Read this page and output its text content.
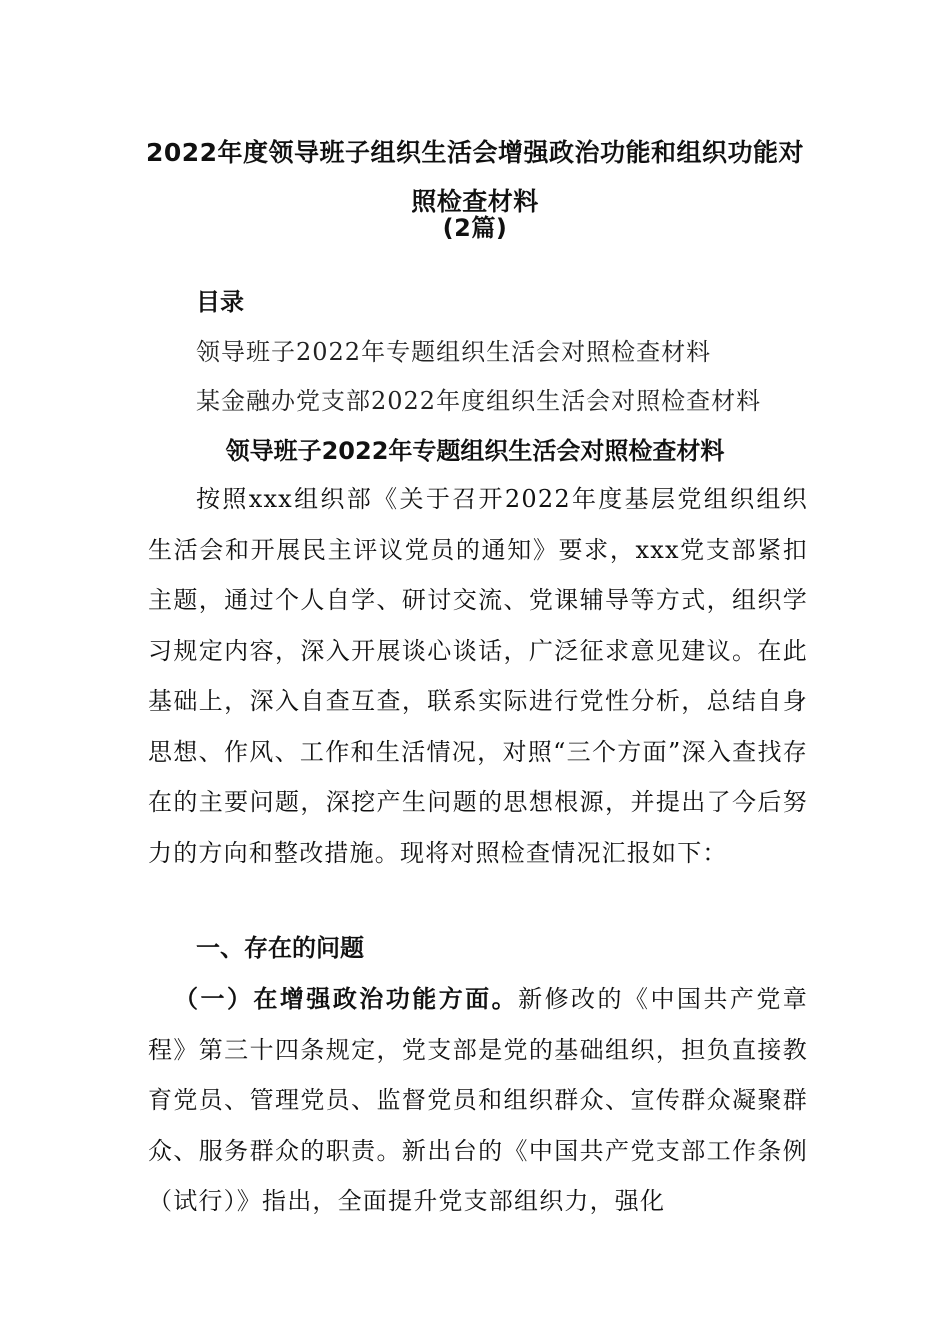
2022年度领导班子组织生活会增强政治功能和组织功能对
照检查材料
(2篇)
目录
领导班子2022年专题组织生活会对照检查材料
某金融办党支部2022年度组织生活会对照检查材料
领导班子2022年专题组织生活会对照检查材料
按照xxx组织部《关于召开2022年度基层党组织组织生活会和开展民主评议党员的通知》要求，xxx党支部紧扣主题，通过个人自学、研讨交流、党课辅导等方式，组织学习规定内容，深入开展谈心谈话，广泛征求意见建议。在此基础上，深入自查互查，联系实际进行党性分析，总结自身思想、作风、工作和生活情况，对照“三个方面”深入查找存在的主要问题，深挖产生问题的思想根源，并提出了今后努力的方向和整改措施。现将对照检查情况汇报如下：
一、存在的问题
（一）在增强政治功能方面。新修改的《中国共产党章程》第三十四条规定，党支部是党的基础组织，担负直接教育党员、管理党员、监督党员和组织群众、宣传群众凝聚群众、服务群众的职责。新出台的《中国共产党支部工作条例（试行）》指出，全面提升党支部组织力，强化
